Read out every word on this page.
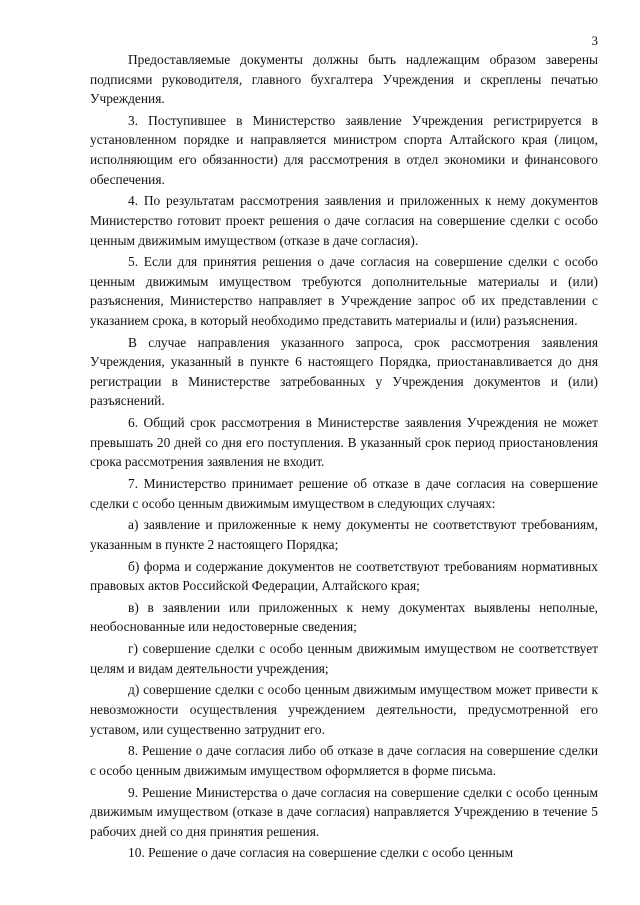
3

Предоставляемые документы должны быть надлежащим образом заверены подписями руководителя, главного бухгалтера Учреждения и скреплены печатью Учреждения.

3. Поступившее в Министерство заявление Учреждения регистрируется в установленном порядке и направляется министром спорта Алтайского края (лицом, исполняющим его обязанности) для рассмотрения в отдел экономики и финансового обеспечения.

4. По результатам рассмотрения заявления и приложенных к нему документов Министерство готовит проект решения о даче согласия на совершение сделки с особо ценным движимым имуществом (отказе в даче согласия).

5. Если для принятия решения о даче согласия на совершение сделки с особо ценным движимым имуществом требуются дополнительные материалы и (или) разъяснения, Министерство направляет в Учреждение запрос об их представлении с указанием срока, в который необходимо представить материалы и (или) разъяснения.

В случае направления указанного запроса, срок рассмотрения заявления Учреждения, указанный в пункте 6 настоящего Порядка, приостанавливается до дня регистрации в Министерстве затребованных у Учреждения документов и (или) разъяснений.

6. Общий срок рассмотрения в Министерстве заявления Учреждения не может превышать 20 дней со дня его поступления. В указанный срок период приостановления срока рассмотрения заявления не входит.

7. Министерство принимает решение об отказе в даче согласия на совершение сделки с особо ценным движимым имуществом в следующих случаях:

а) заявление и приложенные к нему документы не соответствуют требованиям, указанным в пункте 2 настоящего Порядка;

б) форма и содержание документов не соответствуют требованиям нормативных правовых актов Российской Федерации, Алтайского края;

в) в заявлении или приложенных к нему документах выявлены неполные, необоснованные или недостоверные сведения;

г) совершение сделки с особо ценным движимым имуществом не соответствует целям и видам деятельности учреждения;

д) совершение сделки с особо ценным движимым имуществом может привести к невозможности осуществления учреждением деятельности, предусмотренной его уставом, или существенно затруднит его.

8. Решение о даче согласия либо об отказе в даче согласия на совершение сделки с особо ценным движимым имуществом оформляется в форме письма.

9. Решение Министерства о даче согласия на совершение сделки с особо ценным движимым имуществом (отказе в даче согласия) направляется Учреждению в течение 5 рабочих дней со дня принятия решения.

10. Решение о даче согласия на совершение сделки с особо ценным
